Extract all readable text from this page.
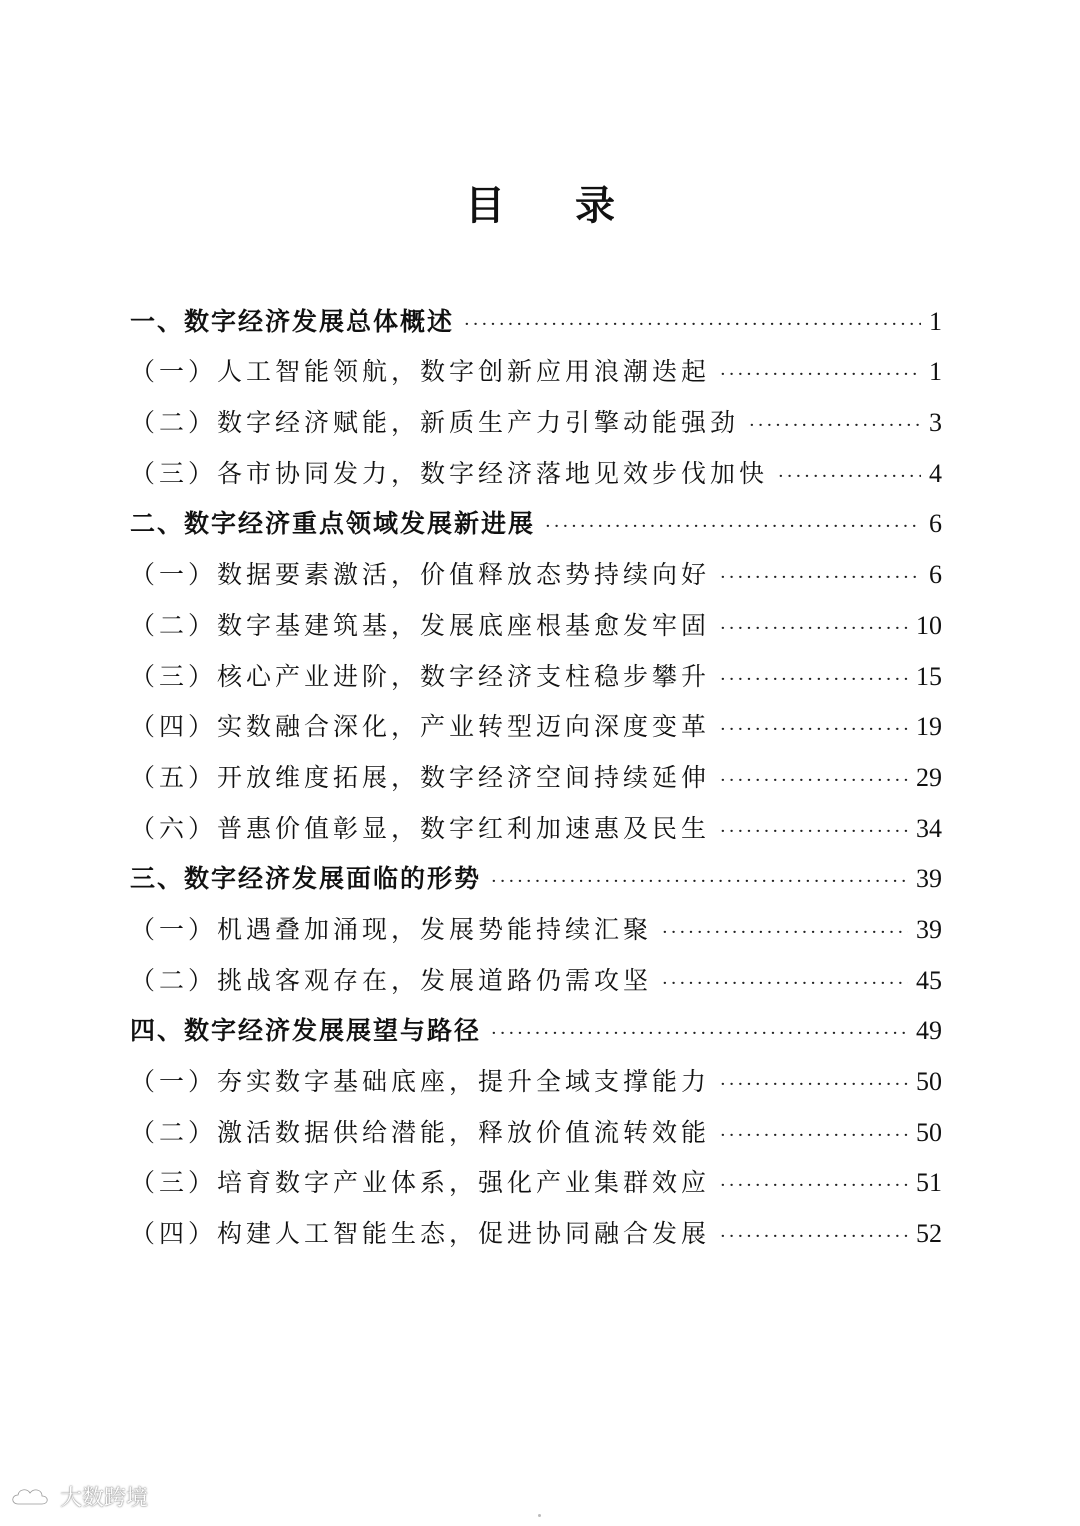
目 录
一、数字经济发展总体概述 ·····	1
（一）人工智能领航，数字创新应用浪潮迭起 ·····	1
（二）数字经济赋能，新质生产力引擎动能强劲 ·····	3
（三）各市协同发力，数字经济落地见效步伐加快 ·····	4
二、数字经济重点领域发展新进展 ·····	6
（一）数据要素激活，价值释放态势持续向好 ·····	6
（二）数字基建筑基，发展底座根基愈发牢固 ·····	10
（三）核心产业进阶，数字经济支柱稳步攀升 ·····	15
（四）实数融合深化，产业转型迈向深度变革 ·····	19
（五）开放维度拓展，数字经济空间持续延伸 ·····	29
（六）普惠价值彰显，数字红利加速惠及民生 ·····	34
三、数字经济发展面临的形势 ·····	39
（一）机遇叠加涌现，发展势能持续汇聚 ·····	39
（二）挑战客观存在，发展道路仍需攻坚 ·····	45
四、数字经济发展展望与路径 ·····	49
（一）夯实数字基础底座，提升全域支撑能力 ·····	50
（二）激活数据供给潜能，释放价值流转效能 ·····	50
（三）培育数字产业体系，强化产业集群效应 ·····	51
（四）构建人工智能生态，促进协同融合发展 ·····	52
大数跨境
